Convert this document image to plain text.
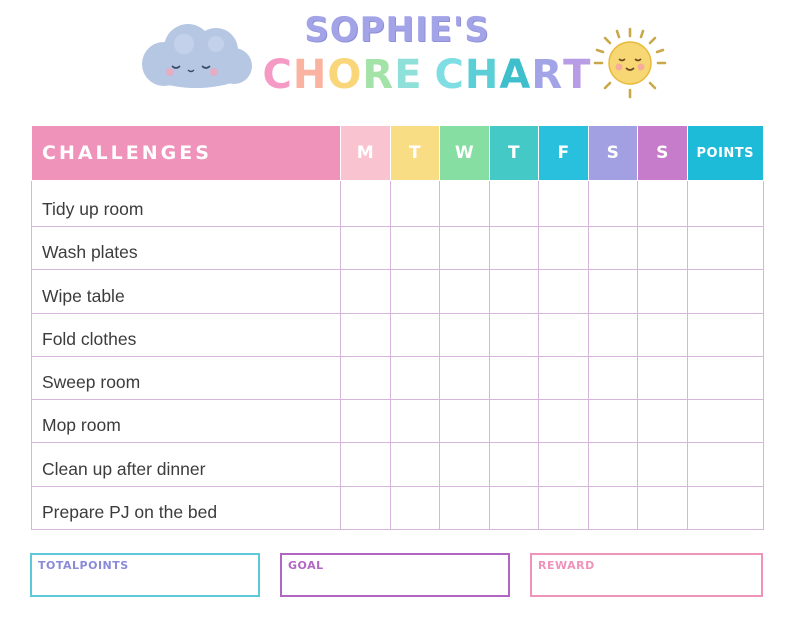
SOPHIE'S
CHORE CHART
CHALLENGES	M	T	W	T	F	S	S	POINTS
Tidy up room								
Wash plates								
Wipe table								
Fold clothes								
Sweep room								
Mop room								
Clean up after dinner								
Prepare PJ on the bed								
TOTALPOINTS	GOAL	REWARD
